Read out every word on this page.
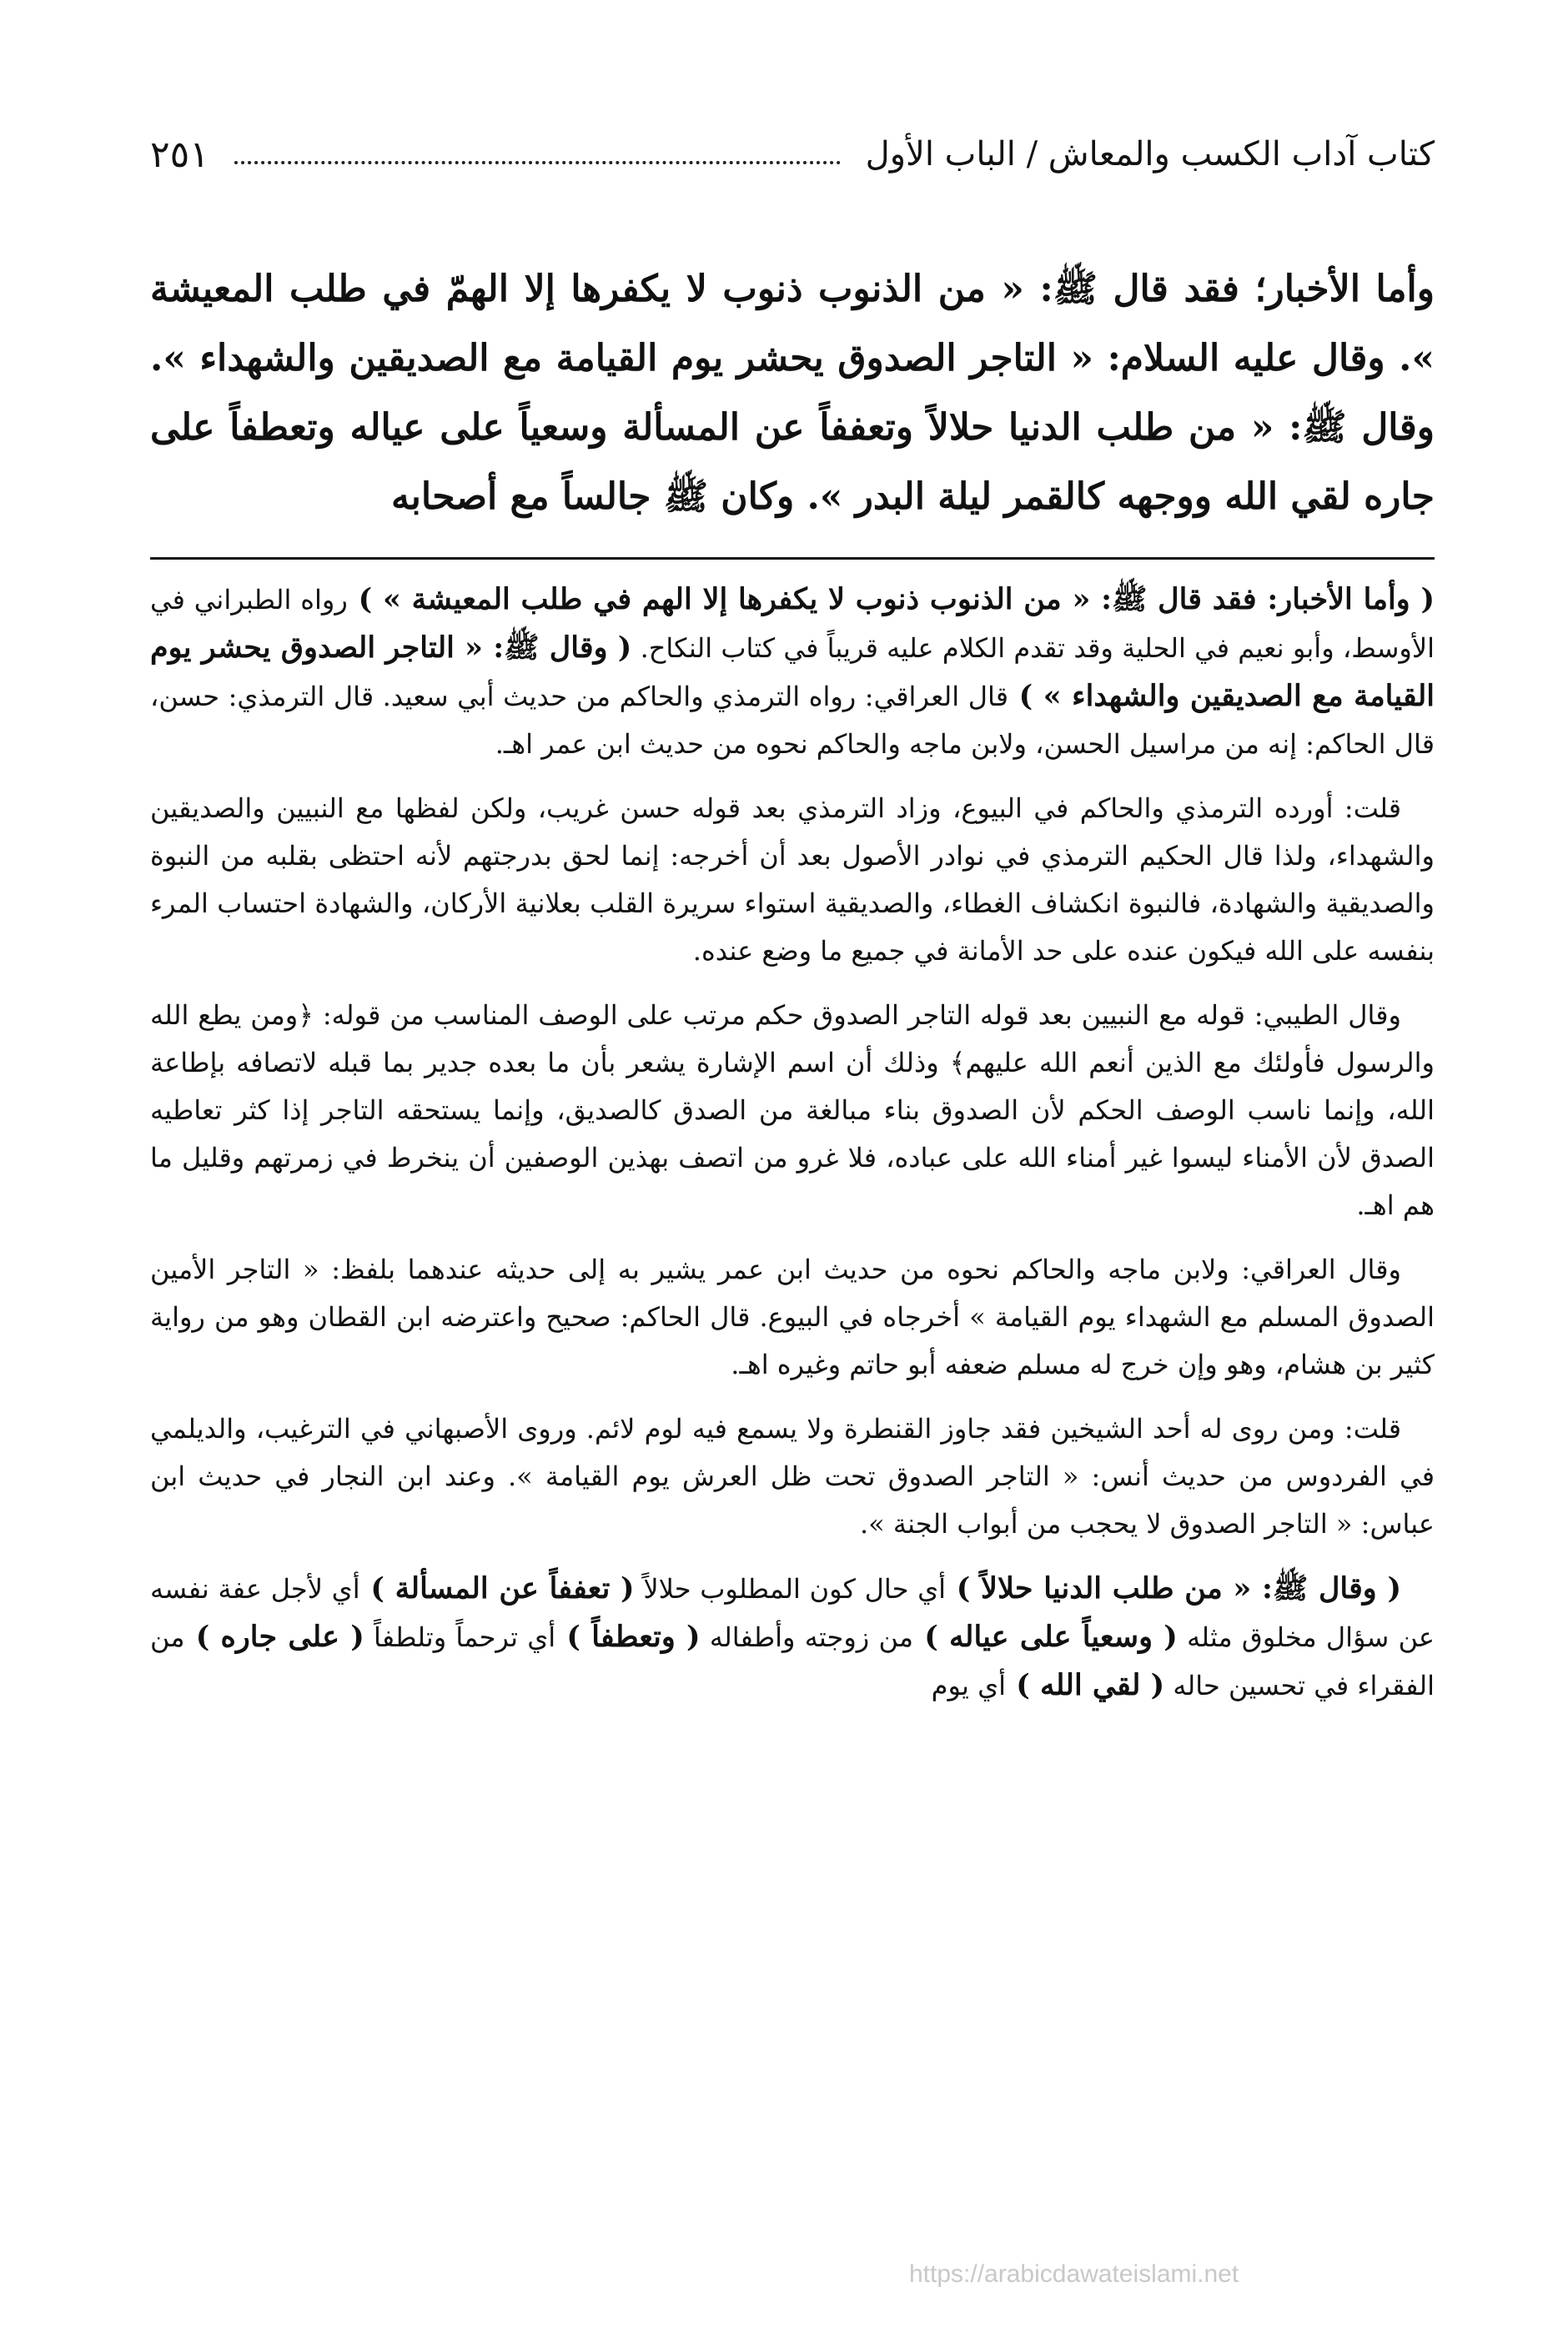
كتاب آداب الكسب والمعاش / الباب الأول
٢٥١

وأما الأخبار؛ فقد قال ﷺ: « من الذنوب ذنوب لا يكفرها إلا الهمّ في طلب المعيشة ». وقال عليه السلام: « التاجر الصدوق يحشر يوم القيامة مع الصديقين والشهداء ». وقال ﷺ: « من طلب الدنيا حلالاً وتعففاً عن المسألة وسعياً على عياله وتعطفاً على جاره لقي الله ووجهه كالقمر ليلة البدر ». وكان ﷺ جالساً مع أصحابه

( وأما الأخبار: فقد قال ﷺ: « من الذنوب ذنوب لا يكفرها إلا الهم في طلب المعيشة » ) رواه الطبراني في الأوسط، وأبو نعيم في الحلية وقد تقدم الكلام عليه قريباً في كتاب النكاح. ( وقال ﷺ: « التاجر الصدوق يحشر يوم القيامة مع الصديقين والشهداء » ) قال العراقي: رواه الترمذي والحاكم من حديث أبي سعيد. قال الترمذي: حسن، قال الحاكم: إنه من مراسيل الحسن، ولابن ماجه والحاكم نحوه من حديث ابن عمر اهـ.

قلت: أورده الترمذي والحاكم في البيوع، وزاد الترمذي بعد قوله حسن غريب، ولكن لفظها مع النبيين والصديقين والشهداء، ولذا قال الحكيم الترمذي في نوادر الأصول بعد أن أخرجه: إنما لحق بدرجتهم لأنه احتظى بقلبه من النبوة والصديقية والشهادة، فالنبوة انكشاف الغطاء، والصديقية استواء سريرة القلب بعلانية الأركان، والشهادة احتساب المرء بنفسه على الله فيكون عنده على حد الأمانة في جميع ما وضع عنده.

وقال الطيبي: قوله مع النبيين بعد قوله التاجر الصدوق حكم مرتب على الوصف المناسب من قوله: ﴿ومن يطع الله والرسول فأولئك مع الذين أنعم الله عليهم﴾ وذلك أن اسم الإشارة يشعر بأن ما بعده جدير بما قبله لاتصافه بإطاعة الله، وإنما ناسب الوصف الحكم لأن الصدوق بناء مبالغة من الصدق كالصديق، وإنما يستحقه التاجر إذا كثر تعاطيه الصدق لأن الأمناء ليسوا غير أمناء الله على عباده، فلا غرو من اتصف بهذين الوصفين أن ينخرط في زمرتهم وقليل ما هم اهـ.

وقال العراقي: ولابن ماجه والحاكم نحوه من حديث ابن عمر يشير به إلى حديثه عندهما بلفظ: « التاجر الأمين الصدوق المسلم مع الشهداء يوم القيامة » أخرجاه في البيوع. قال الحاكم: صحيح واعترضه ابن القطان وهو من رواية كثير بن هشام، وهو وإن خرج له مسلم ضعفه أبو حاتم وغيره اهـ.

قلت: ومن روى له أحد الشيخين فقد جاوز القنطرة ولا يسمع فيه لوم لائم. وروى الأصبهاني في الترغيب، والديلمي في الفردوس من حديث أنس: « التاجر الصدوق تحت ظل العرش يوم القيامة ». وعند ابن النجار في حديث ابن عباس: « التاجر الصدوق لا يحجب من أبواب الجنة ».

( وقال ﷺ: « من طلب الدنيا حلالاً ) أي حال كون المطلوب حلالاً ( تعففاً عن المسألة ) أي لأجل عفة نفسه عن سؤال مخلوق مثله ( وسعياً على عياله ) من زوجته وأطفاله ( وتعطفاً ) أي ترحماً وتلطفاً ( على جاره ) من الفقراء في تحسين حاله ( لقي الله ) أي يوم

https://arabicdawateislami.net
